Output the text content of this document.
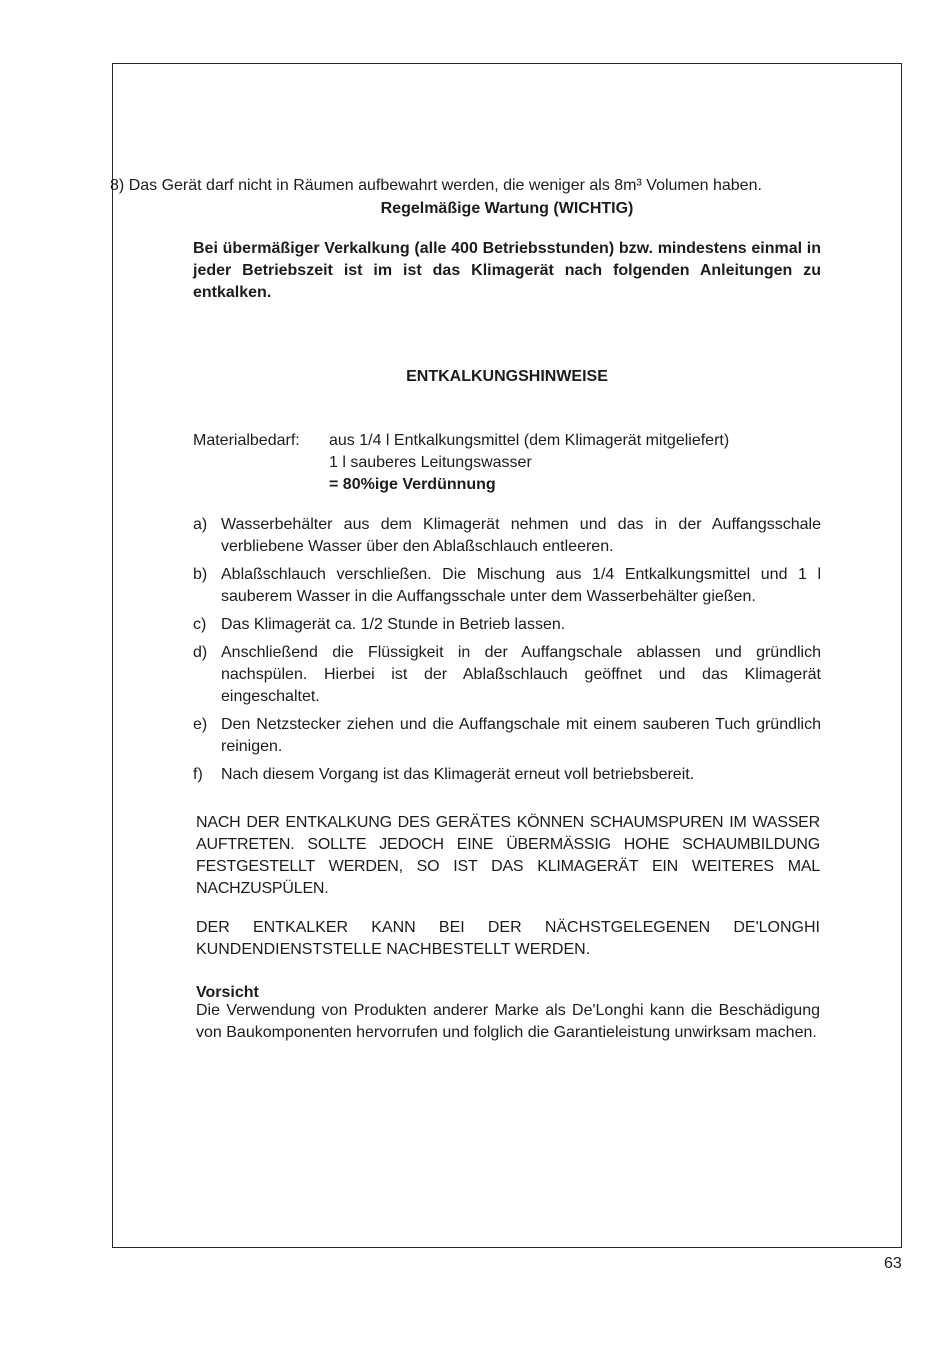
8) Das Gerät darf nicht in Räumen aufbewahrt werden, die weniger als 8m³ Volumen haben.
Regelmäßige Wartung (WICHTIG)
Bei übermäßiger Verkalkung (alle 400 Betriebsstunden) bzw. mindestens einmal in jeder Betriebszeit ist im ist das Klimagerät nach folgenden Anleitungen zu entkalken.
ENTKALKUNGSHINWEISE
Materialbedarf: aus 1/4 l Entkalkungsmittel (dem Klimagerät mitgeliefert)
1 l sauberes Leitungswasser
= 80%ige Verdünnung
a) Wasserbehälter aus dem Klimagerät nehmen und das in der Auffangsschale verbliebene Wasser über den Ablaßschlauch entleeren.
b) Ablaßschlauch verschließen. Die Mischung aus 1/4 Entkalkungsmittel und 1 l sauberem Wasser in die Auffangsschale unter dem Wasserbehälter gießen.
c) Das Klimagerät ca. 1/2 Stunde in Betrieb lassen.
d) Anschließend die Flüssigkeit in der Auffangschale ablassen und gründlich nachspülen. Hierbei ist der Ablaßschlauch geöffnet und das Klimagerät eingeschaltet.
e) Den Netzstecker ziehen und die Auffangschale mit einem sauberen Tuch gründlich reinigen.
f) Nach diesem Vorgang ist das Klimagerät erneut voll betriebsbereit.
NACH DER ENTKALKUNG DES GERÄTES KÖNNEN SCHAUMSPUREN IM WASSER AUFTRETEN. SOLLTE JEDOCH EINE ÜBERMÄSSIG HOHE SCHAUMBILDUNG FESTGESTELLT WERDEN, SO IST DAS KLIMAGERÄT EIN WEITERES MAL NACHZUSPÜLEN.
DER ENTKALKER KANN BEI DER NÄCHSTGELEGENEN DE'LONGHI KUNDENDIENSTSTELLE NACHBESTELLT WERDEN.
Vorsicht
Die Verwendung von Produkten anderer Marke als De'Longhi kann die Beschädigung von Baukomponenten hervorrufen und folglich die Garantieleistung unwirksam machen.
63
